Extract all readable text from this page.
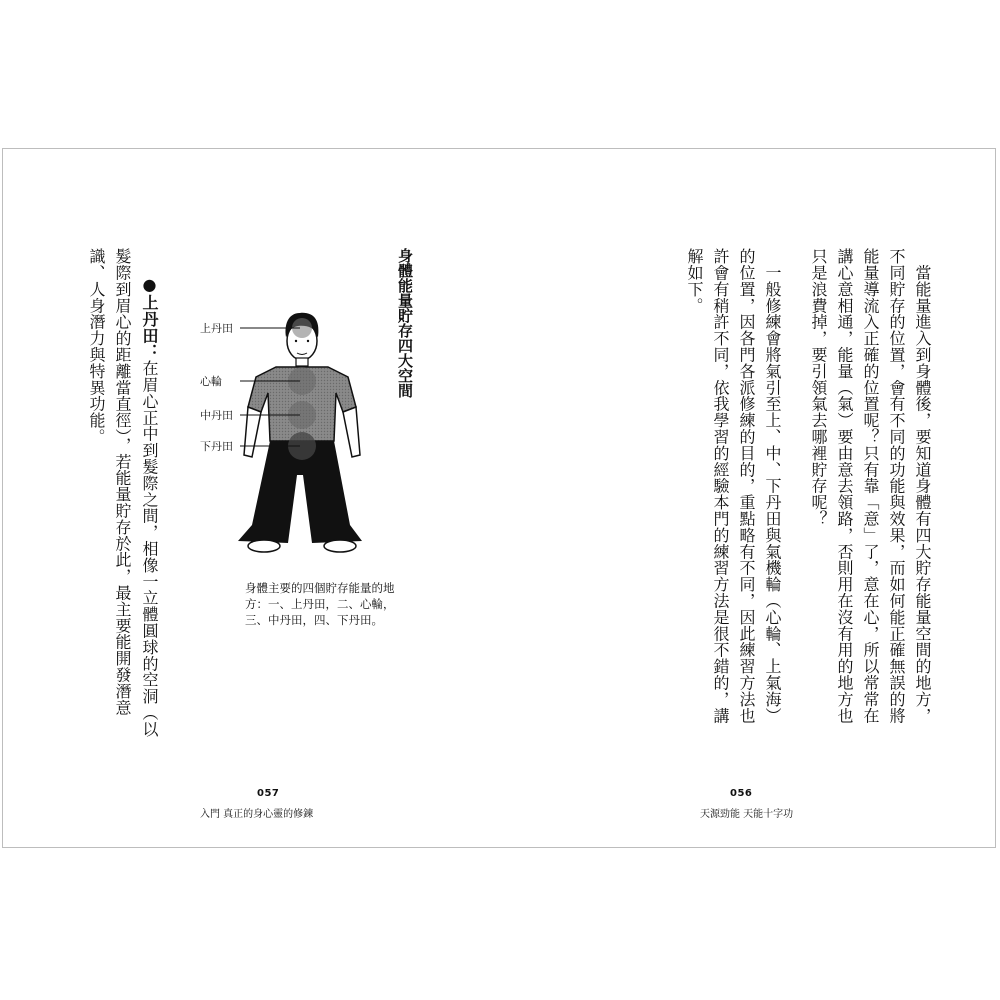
身體能量貯存四大空間
●上丹田：在眉心正中到髮際之間，相像一立體圓球的空洞（以
髮際到眉心的距離當直徑），若能量貯存於此，最主要能開發潛意
識、人身潛力與特異功能。	上丹田
心輪
中丹田
下丹田
身體主要的四個貯存能量的地方：一、上丹田，二、心輪，三、中丹田，四、下丹田。
057
入門 真正的身心靈的修鍊
　當能量進入到身體後，要知道身體有四大貯存能量空間的地方，
不同貯存的位置，會有不同的功能與效果，而如何能正確無誤的將
能量導流入正確的位置呢？只有靠「意」了，意在心，所以常常在
講心意相通，能量（氣）要由意去領路，否則用在沒有用的地方也
只是浪費掉，要引領氣去哪裡貯存呢？
　一般修練會將氣引至上、中、下丹田與氣機輪（心輪、上氣海）
的位置，因各門各派修練的目的，重點略有不同，因此練習方法也
許會有稍許不同，依我學習的經驗本門的練習方法是很不錯的，講
解如下。
056
天源勁能 天能十字功
